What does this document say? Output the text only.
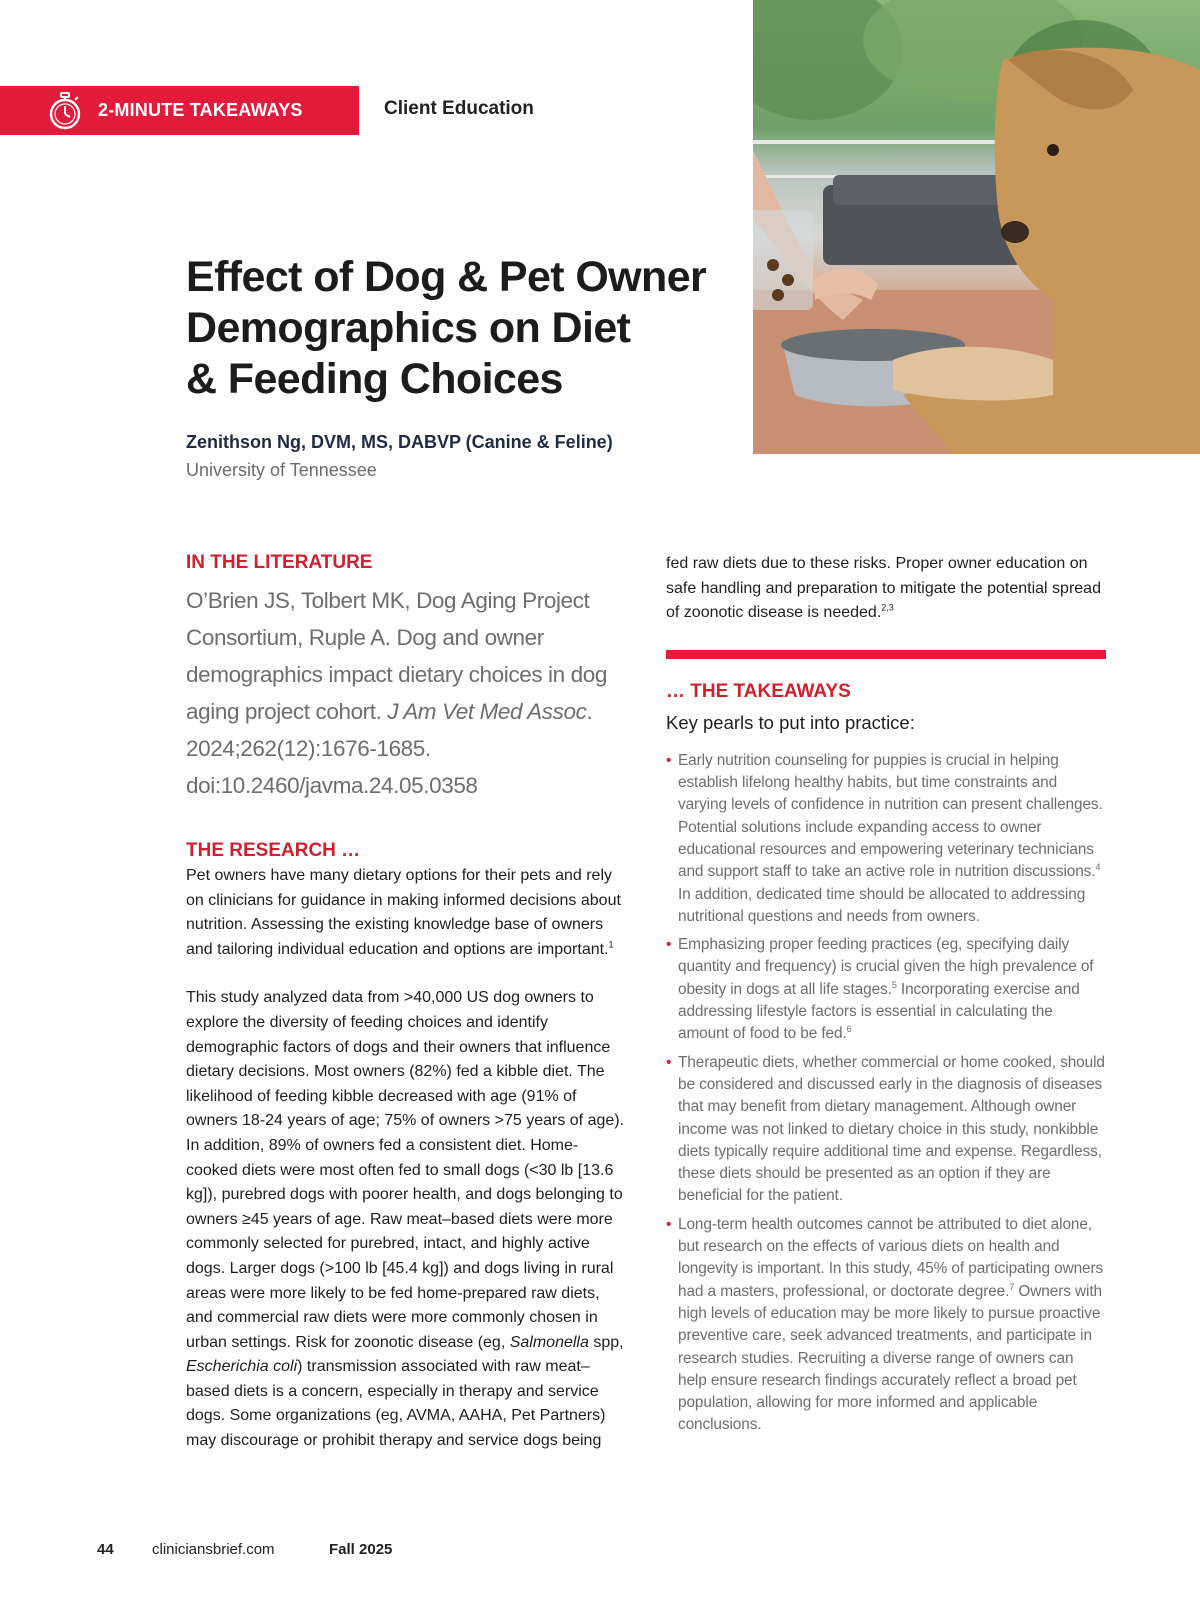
2-MINUTE TAKEAWAYS	Client Education
Effect of Dog & Pet Owner
Demographics on Diet
& Feeding Choices
Zenithson Ng, DVM, MS, DABVP (Canine & Feline)
University of Tennessee
IN THE LITERATURE

O’Brien JS, Tolbert MK, Dog Aging Project Consortium, Ruple A. Dog and owner demographics impact dietary choices in dog aging project cohort. J Am Vet Med Assoc. 2024;262(12):1676-1685. doi:10.2460/javma.24.05.0358

THE RESEARCH …

Pet owners have many dietary options for their pets and rely on clinicians for guidance in making informed decisions about nutrition. Assessing the existing knowledge base of owners and tailoring individual education and options are important.$^1$

This study analyzed data from >40,000 US dog owners to explore the diversity of feeding choices and identify demographic factors of dogs and their owners that influence dietary decisions. Most owners (82%) fed a kibble diet. The likelihood of feeding kibble decreased with age (91% of owners 18-24 years of age; 75% of owners >75 years of age). In addition, 89% of owners fed a consistent diet. Home-cooked diets were most often fed to small dogs (<30 lb [13.6 kg]), purebred dogs with poorer health, and dogs belonging to owners ≥45 years of age. Raw meat–based diets were more commonly selected for purebred, intact, and highly active dogs. Larger dogs (>100 lb [45.4 kg]) and dogs living in rural areas were more likely to be fed home-prepared raw diets, and commercial raw diets were more commonly chosen in urban settings. Risk for zoonotic disease (eg, Salmonella spp, Escherichia coli) transmission associated with raw meat–based diets is a concern, especially in therapy and service dogs. Some organizations (eg, AVMA, AAHA, Pet Partners) may discourage or prohibit therapy and service dogs being

fed raw diets due to these risks. Proper owner education on safe handling and preparation to mitigate the potential spread of zoonotic disease is needed.$^{2,3}$
… THE TAKEAWAYS
Key pearls to put into practice:
• Early nutrition counseling for puppies is crucial in helping establish lifelong healthy habits, but time constraints and varying levels of confidence in nutrition can present challenges. Potential solutions include expanding access to owner educational resources and empowering veterinary technicians and support staff to take an active role in nutrition discussions.$^4$ In addition, dedicated time should be allocated to addressing nutritional questions and needs from owners.
• Emphasizing proper feeding practices (eg, specifying daily quantity and frequency) is crucial given the high prevalence of obesity in dogs at all life stages.$^5$ Incorporating exercise and addressing lifestyle factors is essential in calculating the amount of food to be fed.$^6$
• Therapeutic diets, whether commercial or home cooked, should be considered and discussed early in the diagnosis of diseases that may benefit from dietary management. Although owner income was not linked to dietary choice in this study, nonkibble diets typically require additional time and expense. Regardless, these diets should be presented as an option if they are beneficial for the patient.
• Long-term health outcomes cannot be attributed to diet alone, but research on the effects of various diets on health and longevity is important. In this study, 45% of participating owners had a masters, professional, or doctorate degree.$^7$ Owners with high levels of education may be more likely to pursue proactive preventive care, seek advanced treatments, and participate in research studies. Recruiting a diverse range of owners can help ensure research findings accurately reflect a broad pet population, allowing for more informed and applicable conclusions.
44	cliniciansbrief.com	Fall 2025
